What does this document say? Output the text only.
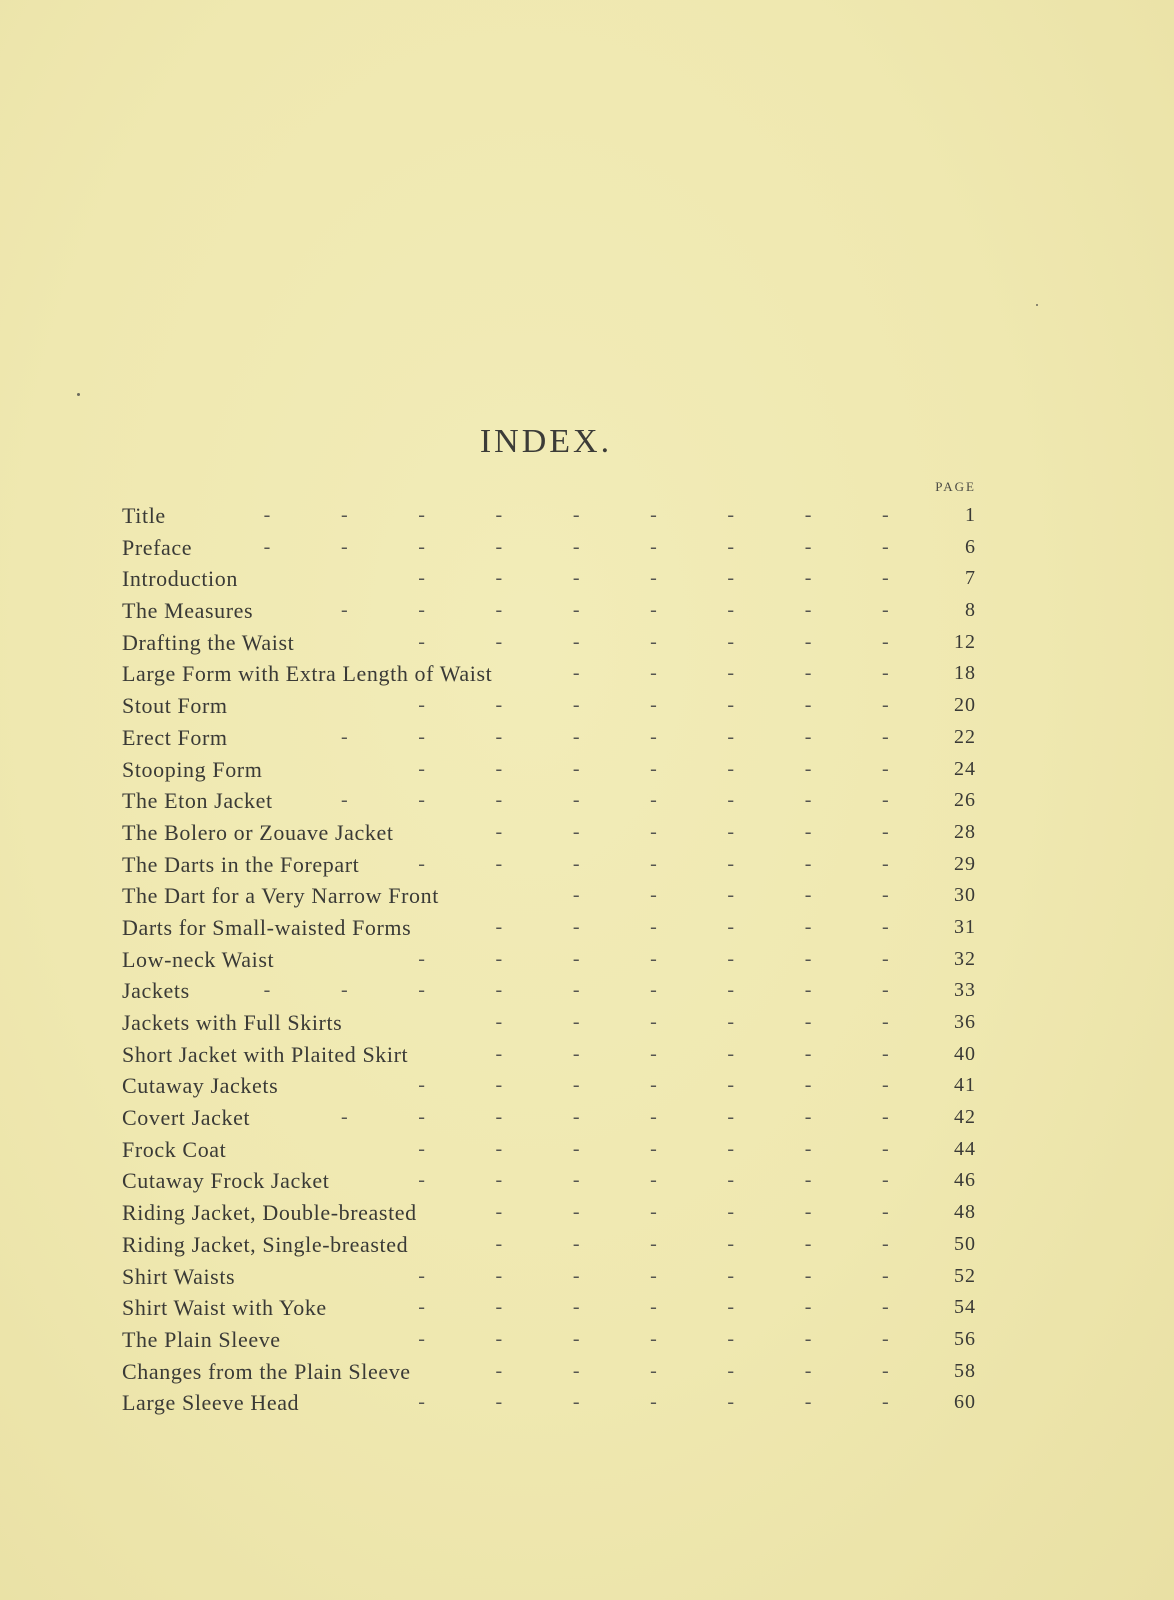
INDEX.
PAGE
Title	-	-	-	-	-	-	-	-	-	1
Preface	-	-	-	-	-	-	-	-	-	6
Introduction	-	-	-	-	-	-	-	7
The Measures	-	-	-	-	-	-	-	-	8
Drafting the Waist	-	-	-	-	-	-	-	12
Large Form with Extra Length of Waist	-	-	-	-	-	18
Stout Form	-	-	-	-	-	-	-	20
Erect Form	-	-	-	-	-	-	-	-	22
Stooping Form	-	-	-	-	-	-	-	24
The Eton Jacket	-	-	-	-	-	-	-	-	26
The Bolero or Zouave Jacket	-	-	-	-	-	-	28
The Darts in the Forepart	-	-	-	-	-	-	-	29
The Dart for a Very Narrow Front	-	-	-	-	-	30
Darts for Small-waisted Forms	-	-	-	-	-	-	31
Low-neck Waist	-	-	-	-	-	-	-	32
Jackets	-	-	-	-	-	-	-	-	-	33
Jackets with Full Skirts	-	-	-	-	-	-	36
Short Jacket with Plaited Skirt	-	-	-	-	-	-	40
Cutaway Jackets	-	-	-	-	-	-	-	41
Covert Jacket	-	-	-	-	-	-	-	-	42
Frock Coat	-	-	-	-	-	-	-	44
Cutaway Frock Jacket	-	-	-	-	-	-	-	46
Riding Jacket, Double-breasted	-	-	-	-	-	-	48
Riding Jacket, Single-breasted	-	-	-	-	-	-	50
Shirt Waists	-	-	-	-	-	-	-	52
Shirt Waist with Yoke	-	-	-	-	-	-	-	54
The Plain Sleeve	-	-	-	-	-	-	-	56
Changes from the Plain Sleeve	-	-	-	-	-	-	58
Large Sleeve Head	-	-	-	-	-	-	-	60
